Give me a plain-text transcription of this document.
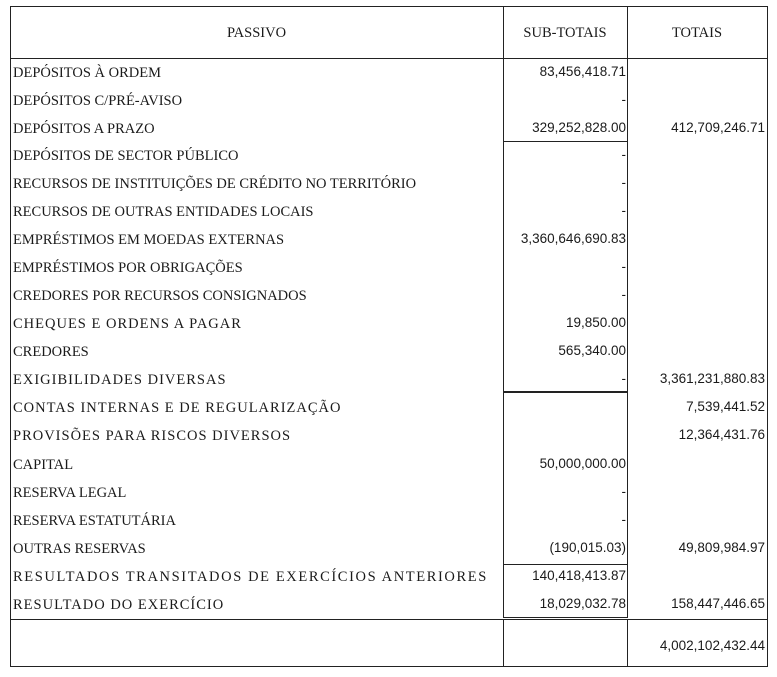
PASSIVO	SUB-TOTAIS	TOTAIS
DEPÓSITOS À ORDEM
DEPÓSITOS C/PRÉ-AVISO
DEPÓSITOS A PRAZO
DEPÓSITOS DE SECTOR PÚBLICO
RECURSOS DE INSTITUIÇÕES DE CRÉDITO NO TERRITÓRIO
RECURSOS DE OUTRAS ENTIDADES LOCAIS
EMPRÉSTIMOS EM MOEDAS EXTERNAS
EMPRÉSTIMOS POR OBRIGAÇÕES
CREDORES POR RECURSOS CONSIGNADOS
CHEQUES E ORDENS A PAGAR
CREDORES
EXIGIBILIDADES DIVERSAS
CONTAS INTERNAS E DE REGULARIZAÇÃO
PROVISÕES PARA RISCOS DIVERSOS
CAPITAL
RESERVA LEGAL
RESERVA ESTATUTÁRIA
OUTRAS RESERVAS
RESULTADOS TRANSITADOS DE EXERCÍCIOS ANTERIORES
RESULTADO DO EXERCÍCIO
83,456,418.71
-
329,252,828.00
-
-
-
3,360,646,690.83
-
-
19,850.00
565,340.00
-
50,000,000.00
-
-
(190,015.03)
140,418,413.87
18,029,032.78
412,709,246.71
3,361,231,880.83
7,539,441.52
12,364,431.76
49,809,984.97
158,447,446.65
4,002,102,432.44
